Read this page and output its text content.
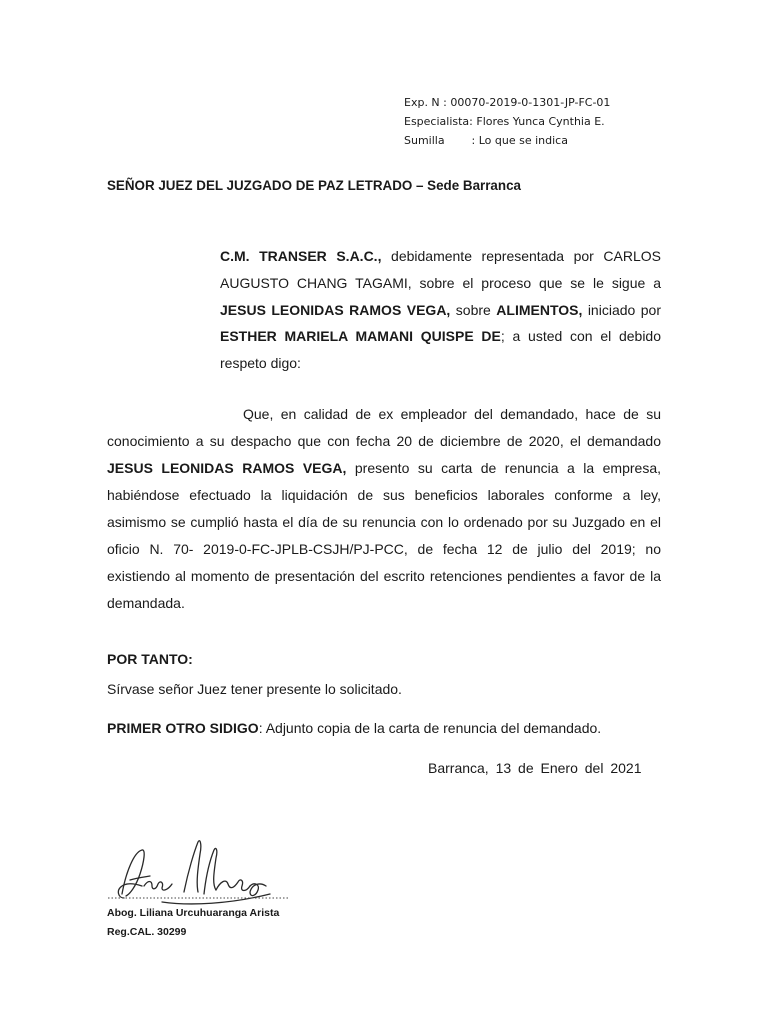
Exp. N : 00070-2019-0-1301-JP-FC-01
Especialista: Flores Yunca Cynthia E.
Sumilla : Lo que se indica
SEÑOR JUEZ DEL JUZGADO DE PAZ LETRADO – Sede Barranca
C.M. TRANSER S.A.C., debidamente representada por CARLOS AUGUSTO CHANG TAGAMI, sobre el proceso que se le sigue a JESUS LEONIDAS RAMOS VEGA, sobre ALIMENTOS, iniciado por ESTHER MARIELA MAMANI QUISPE DE; a usted con el debido respeto digo:
Que, en calidad de ex empleador del demandado, hace de su conocimiento a su despacho que con fecha 20 de diciembre de 2020, el demandado JESUS LEONIDAS RAMOS VEGA, presento su carta de renuncia a la empresa, habiéndose efectuado la liquidación de sus beneficios laborales conforme a ley, asimismo se cumplió hasta el día de su renuncia con lo ordenado por su Juzgado en el oficio N. 70- 2019-0-FC-JPLB-CSJH/PJ-PCC, de fecha 12 de julio del 2019; no existiendo al momento de presentación del escrito retenciones pendientes a favor de la demandada.
POR TANTO:
Sírvase señor Juez tener presente lo solicitado.
PRIMER OTRO SIDIGO: Adjunto copia de la carta de renuncia del demandado.
Barranca, 13 de Enero del 2021
Abog. Liliana Urcuhuaranga Arista
Reg.CAL. 30299
